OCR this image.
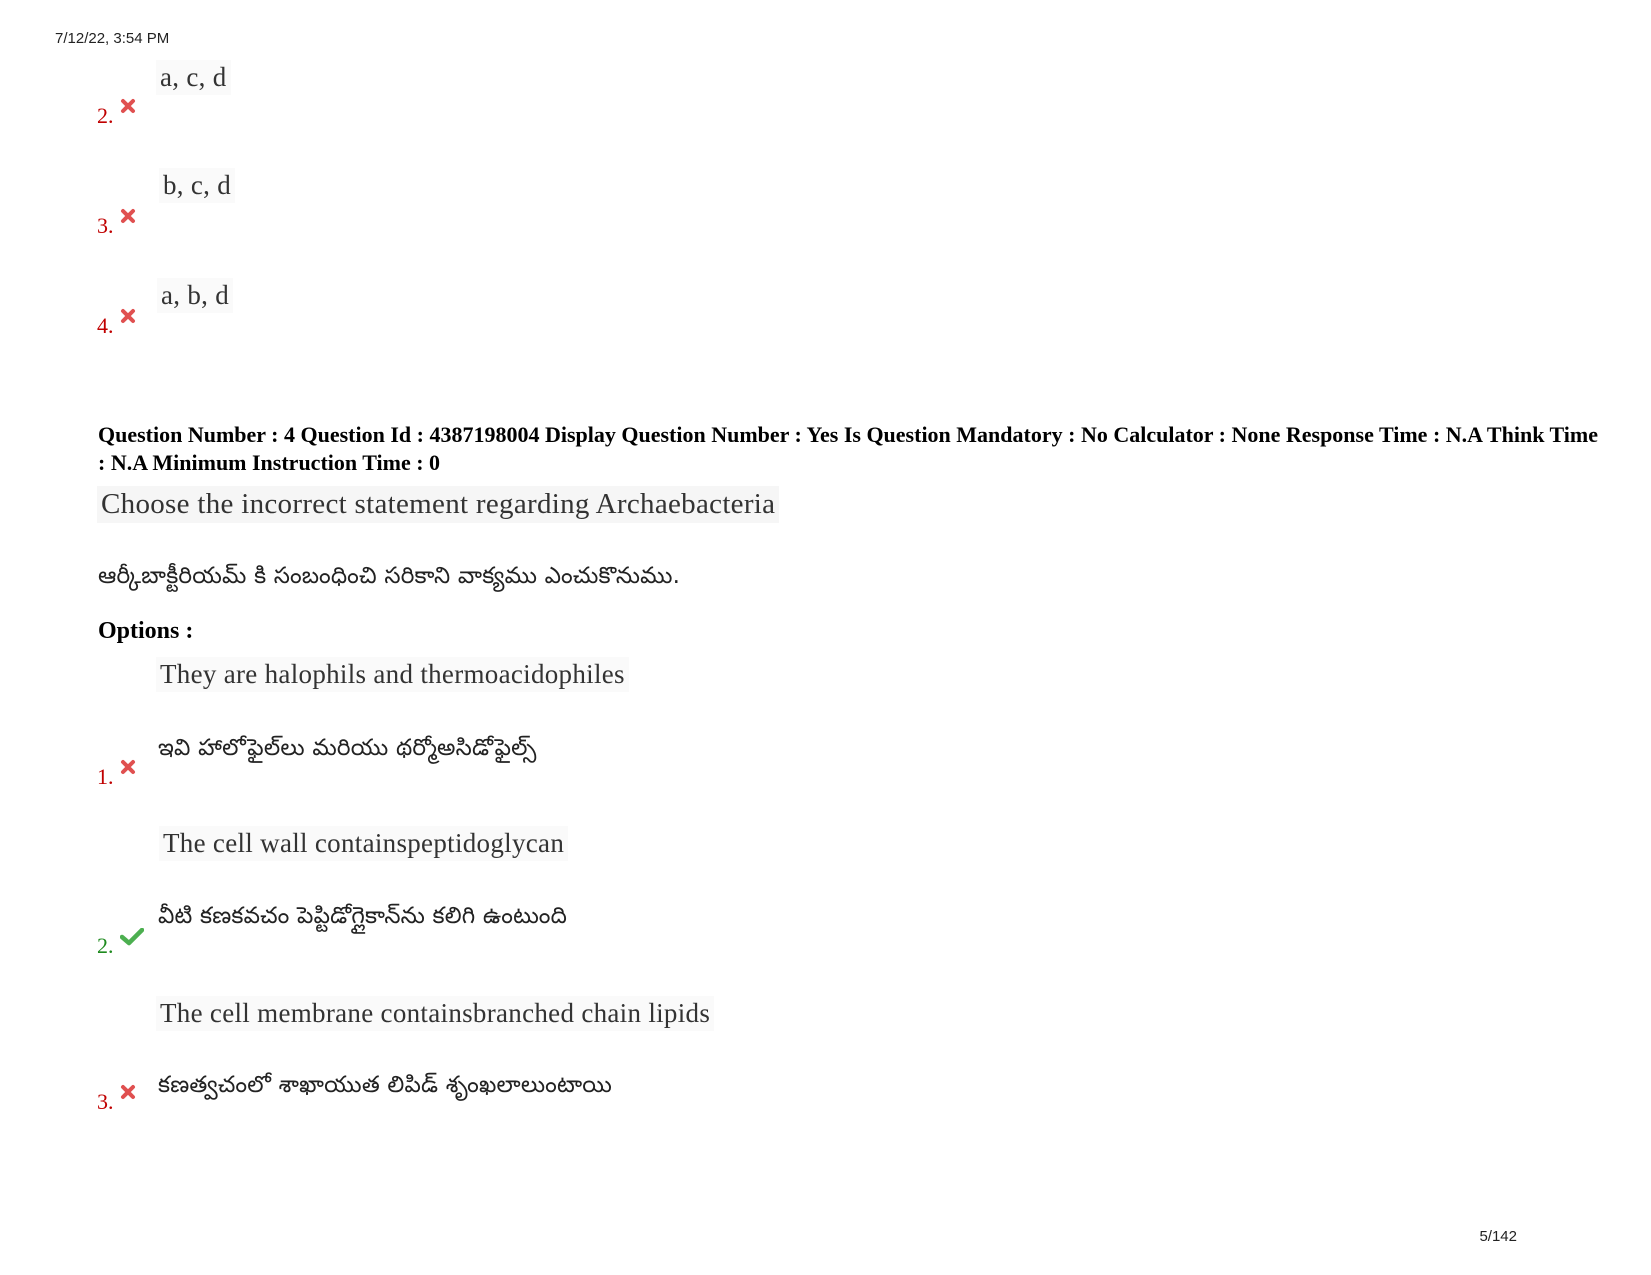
7/12/22, 3:54 PM
5/142
a, c, d
2.
b, c, d
3.
a, b, d
4.
Question Number : 4 Question Id : 4387198004 Display Question Number : Yes Is Question Mandatory : No Calculator : None Response Time : N.A Think Time : N.A Minimum Instruction Time : 0
Choose the incorrect statement regarding Archaebacteria
ఆర్కీబాక్టీరియమ్ కి సంబంధించి సరికాని వాక్యము ఎంచుకొనుము.
Options :
They are halophils and thermoacidophiles
ఇవి హాలోఫైల్‌లు మరియు థర్మోఅసిడోఫైల్స్
1.
The cell wall containspeptidoglycan
వీటి కణకవచం పెప్టిడోగ్లైకాన్‌ను కలిగి ఉంటుంది
2.
The cell membrane containsbranched chain lipids
కణత్వచంలో శాఖాయుత లిపిడ్ శృంఖలాలుంటాయి
3.
